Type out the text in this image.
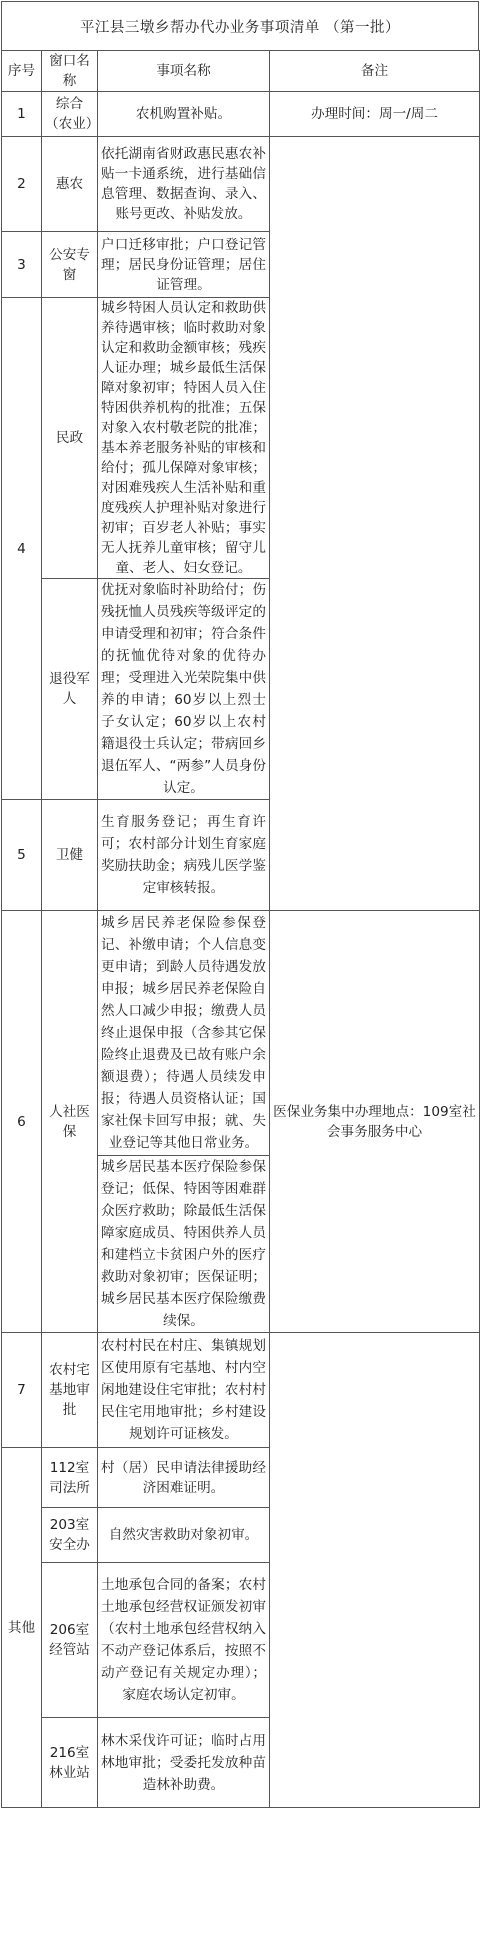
平江县三墩乡帮办代办业务事项清单 （第一批）
序号	窗口名称	事项名称	备注
1	综合（农业）	农机购置补贴。	办理时间：周一/周二
2	惠农	依托湖南省财政惠民惠农补贴一卡通系统，进行基础信息管理、数据查询、录入、账号更改、补贴发放。	
3	公安专窗	户口迁移审批；户口登记管理；居民身份证管理；居住证管理。	
4	民政	城乡特困人员认定和救助供养待遇审核；临时救助对象认定和救助金额审核；残疾人证办理；城乡最低生活保障对象初审；特困人员入住特困供养机构的批准；五保对象入农村敬老院的批准；基本养老服务补贴的审核和给付；孤儿保障对象审核；对困难残疾人生活补贴和重度残疾人护理补贴对象进行初审；百岁老人补贴；事实无人抚养儿童审核；留守儿童、老人、妇女登记。	
	退役军人	优抚对象临时补助给付；伤残抚恤人员残疾等级评定的申请受理和初审；符合条件的抚恤优待对象的优待办理；受理进入光荣院集中供养的申请；60岁以上烈士子女认定；60岁以上农村籍退役士兵认定；带病回乡退伍军人、“两参”人员身份认定。	
5	卫健	生育服务登记；再生育许可；农村部分计划生育家庭奖励扶助金；病残儿医学鉴定审核转报。	
6	人社医保	城乡居民养老保险参保登记、补缴申请；个人信息变更申请；到龄人员待遇发放申报；城乡居民养老保险自然人口减少申报；缴费人员终止退保申报（含参其它保险终止退费及已故有账户余额退费）；待遇人员续发申报；待遇人员资格认证；国家社保卡回写申报；就、失业登记等其他日常业务。	医保业务集中办理地点：109室社会事务服务中心
		城乡居民基本医疗保险参保登记；低保、特困等困难群众医疗救助；除最低生活保障家庭成员、特困供养人员和建档立卡贫困户外的医疗救助对象初审；医保证明；城乡居民基本医疗保险缴费续保。	
7	农村宅基地审批	农村村民在村庄、集镇规划区使用原有宅基地、村内空闲地建设住宅审批；农村村民住宅用地审批；乡村建设规划许可证核发。	
其他	112室司法所	村（居）民申请法律援助经济困难证明。	
	203室安全办	自然灾害救助对象初审。	
	206室经管站	土地承包合同的备案；农村土地承包经营权证颁发初审（农村土地承包经营权纳入不动产登记体系后，按照不动产登记有关规定办理）；家庭农场认定初审。	
	216室林业站	林木采伐许可证；临时占用林地审批；受委托发放种苗造林补助费。	
